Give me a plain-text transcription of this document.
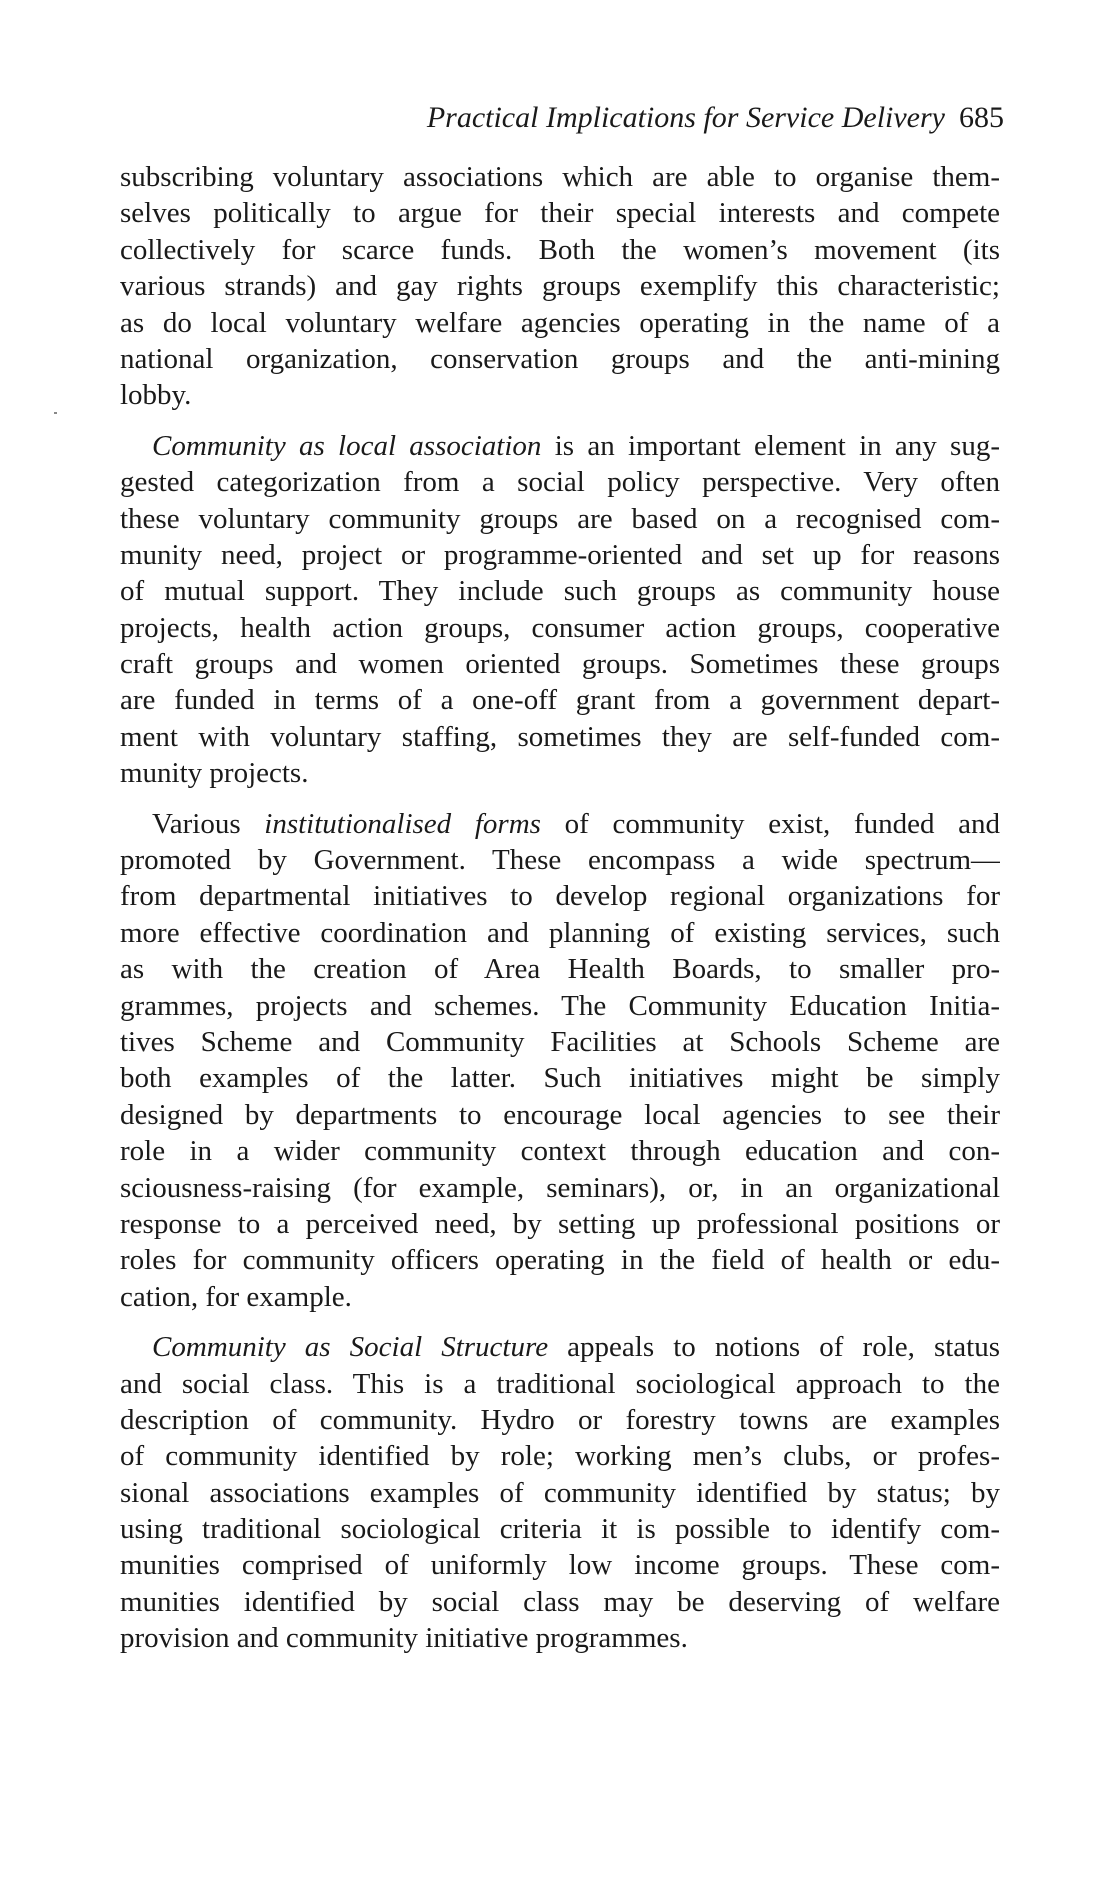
Practical Implications for Service Delivery 685
subscribing voluntary associations which are able to organise them-
selves politically to argue for their special interests and compete
collectively for scarce funds. Both the women’s movement (its
various strands) and gay rights groups exemplify this characteristic;
as do local voluntary welfare agencies operating in the name of a
national organization, conservation groups and the anti-mining
lobby.
Community as local association is an important element in any sug-
gested categorization from a social policy perspective. Very often
these voluntary community groups are based on a recognised com-
munity need, project or programme-oriented and set up for reasons
of mutual support. They include such groups as community house
projects, health action groups, consumer action groups, cooperative
craft groups and women oriented groups. Sometimes these groups
are funded in terms of a one-off grant from a government depart-
ment with voluntary staffing, sometimes they are self-funded com-
munity projects.
Various institutionalised forms of community exist, funded and
promoted by Government. These encompass a wide spectrum—
from departmental initiatives to develop regional organizations for
more effective coordination and planning of existing services, such
as with the creation of Area Health Boards, to smaller pro-
grammes, projects and schemes. The Community Education Initia-
tives Scheme and Community Facilities at Schools Scheme are
both examples of the latter. Such initiatives might be simply
designed by departments to encourage local agencies to see their
role in a wider community context through education and con-
sciousness-raising (for example, seminars), or, in an organizational
response to a perceived need, by setting up professional positions or
roles for community officers operating in the field of health or edu-
cation, for example.
Community as Social Structure appeals to notions of role, status
and social class. This is a traditional sociological approach to the
description of community. Hydro or forestry towns are examples
of community identified by role; working men’s clubs, or profes-
sional associations examples of community identified by status; by
using traditional sociological criteria it is possible to identify com-
munities comprised of uniformly low income groups. These com-
munities identified by social class may be deserving of welfare
provision and community initiative programmes.
